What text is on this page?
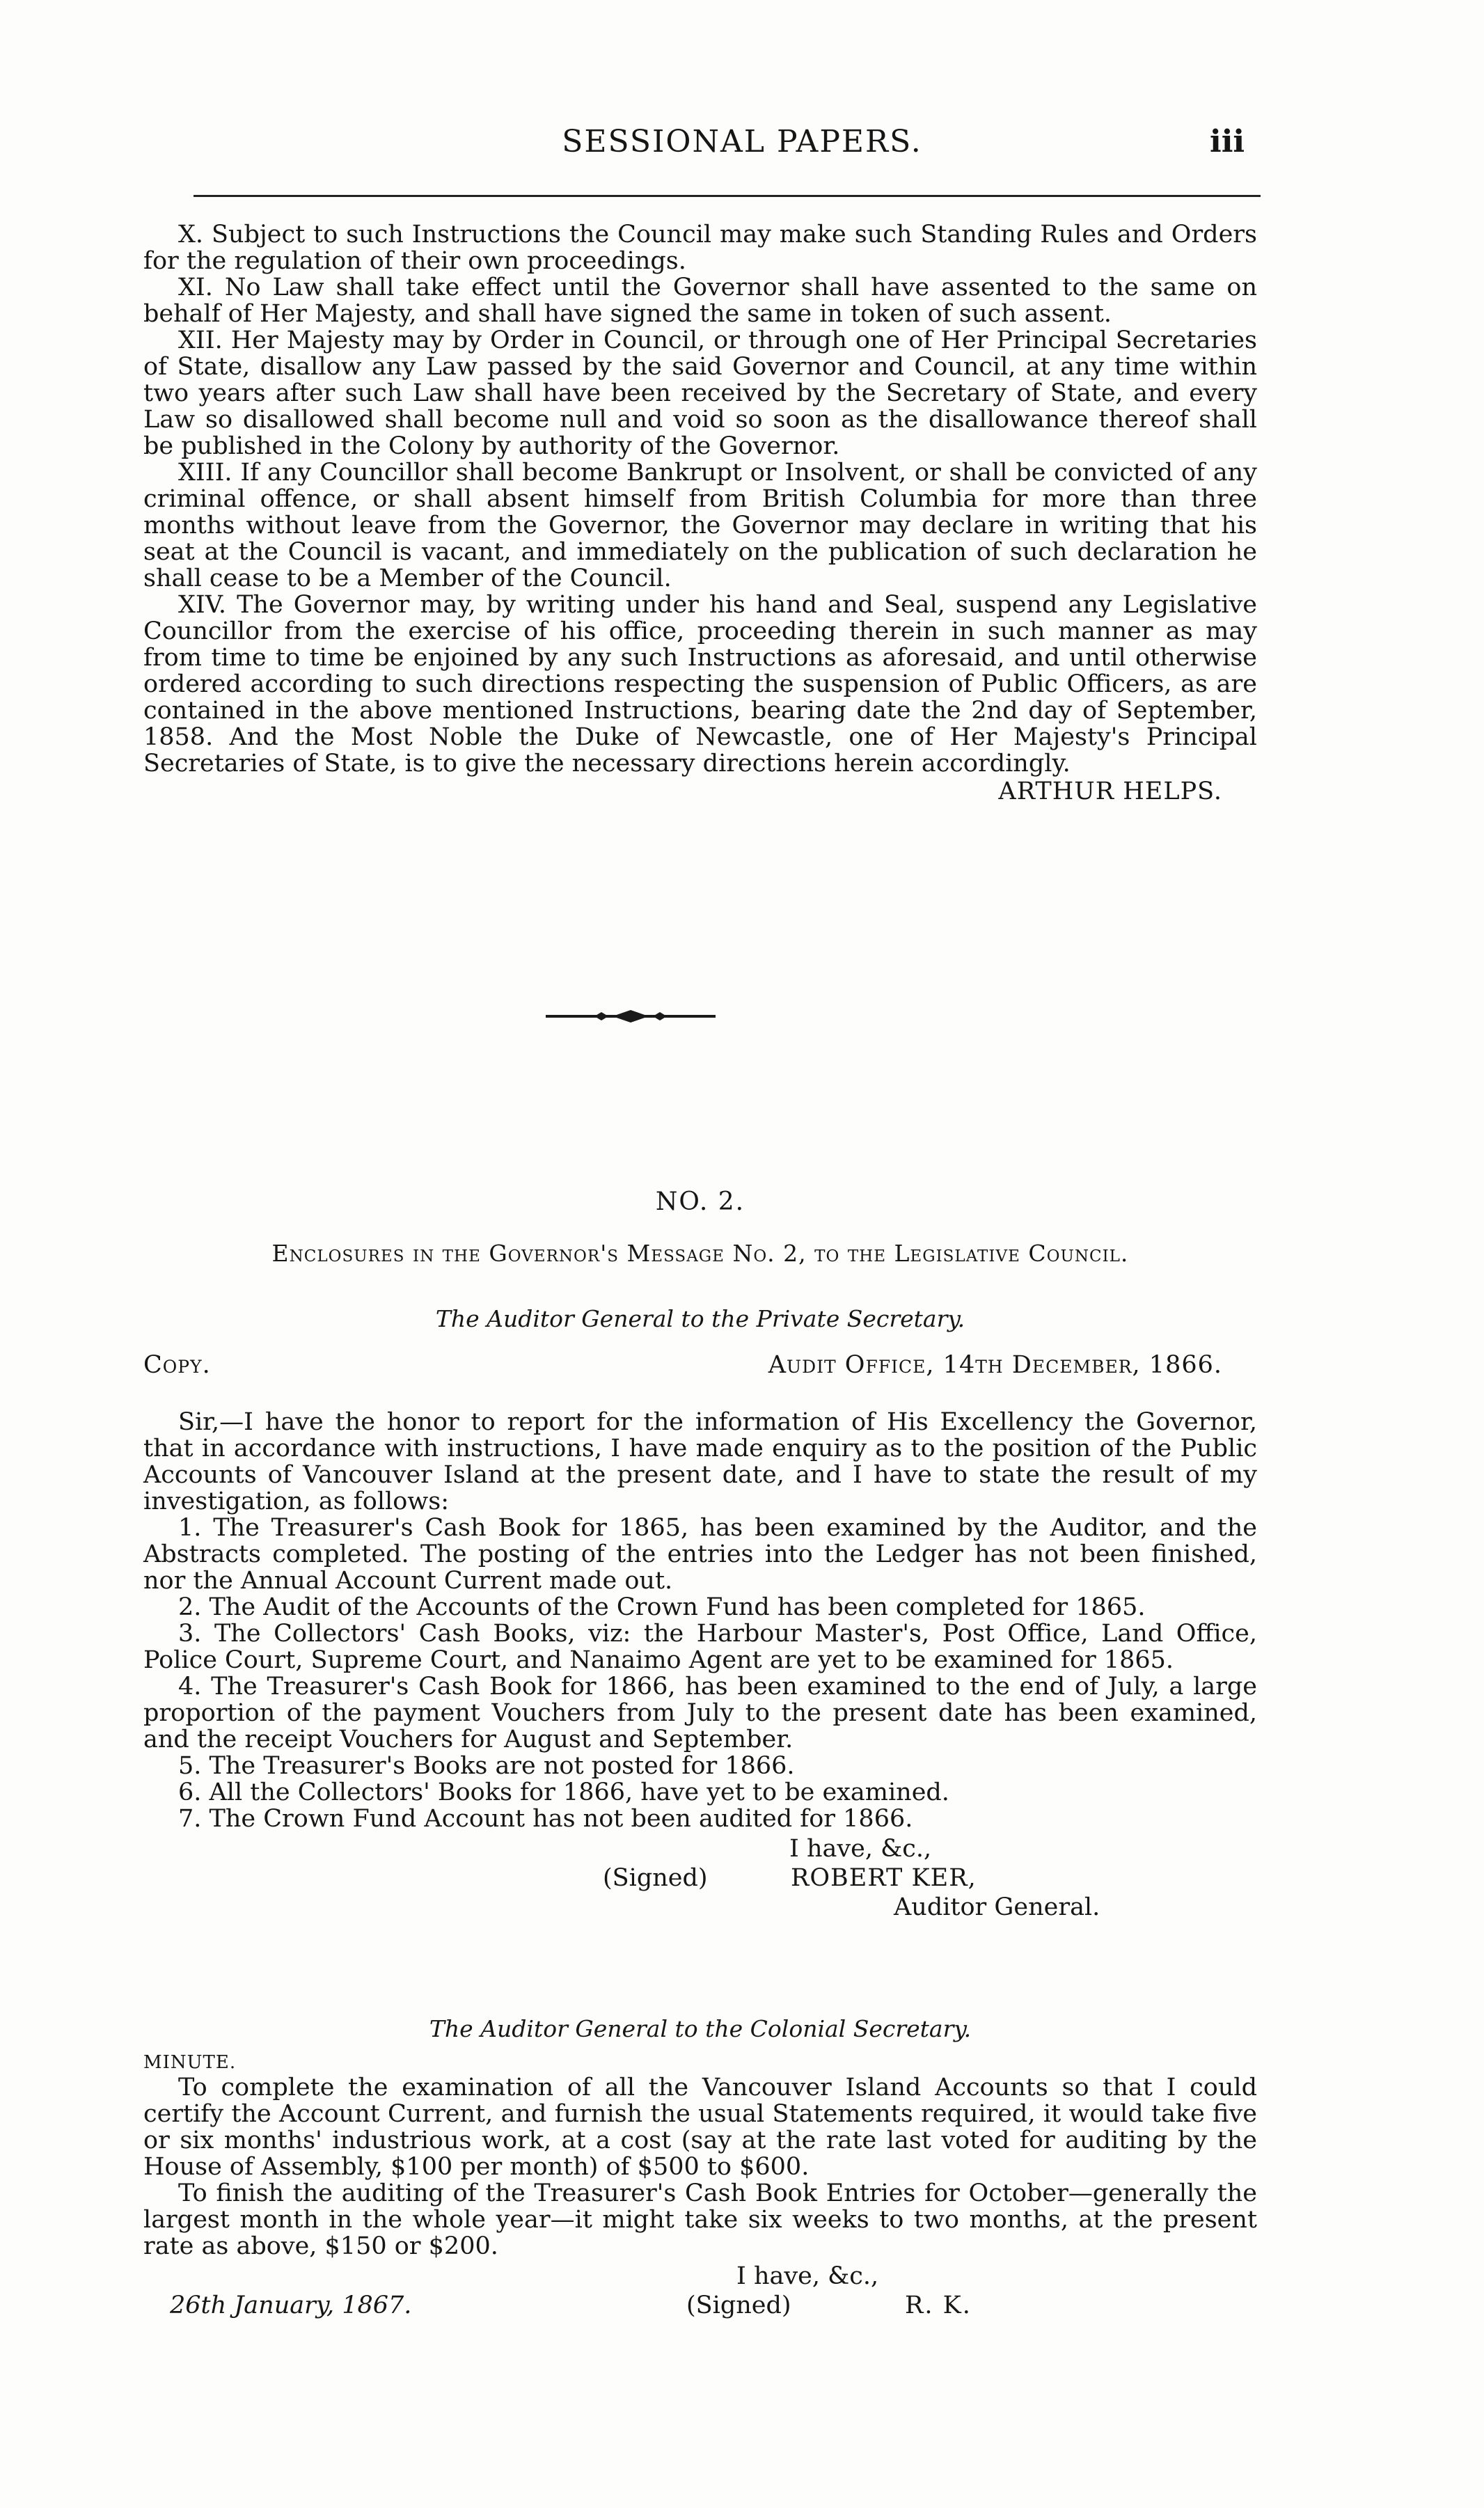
SESSIONAL PAPERS.	iii

X. Subject to such Instructions the Council may make such Standing Rules and Orders for the regulation of their own proceedings.

XI. No Law shall take effect until the Governor shall have assented to the same on behalf of Her Majesty, and shall have signed the same in token of such assent.

XII. Her Majesty may by Order in Council, or through one of Her Principal Secretaries of State, disallow any Law passed by the said Governor and Council, at any time within two years after such Law shall have been received by the Secretary of State, and every Law so disallowed shall become null and void so soon as the disallowance thereof shall be published in the Colony by authority of the Governor.

XIII. If any Councillor shall become Bankrupt or Insolvent, or shall be convicted of any criminal offence, or shall absent himself from British Columbia for more than three months without leave from the Governor, the Governor may declare in writing that his seat at the Council is vacant, and immediately on the publication of such declaration he shall cease to be a Member of the Council.

XIV. The Governor may, by writing under his hand and Seal, suspend any Legislative Councillor from the exercise of his office, proceeding therein in such manner as may from time to time be enjoined by any such Instructions as aforesaid, and until otherwise ordered according to such directions respecting the suspension of Public Officers, as are contained in the above mentioned Instructions, bearing date the 2nd day of September, 1858. And the Most Noble the Duke of Newcastle, one of Her Majesty's Principal Secretaries of State, is to give the necessary directions herein accordingly.

ARTHUR HELPS.

NO. 2.
Enclosures in the Governor's Message No. 2, to the Legislative Council.
The Auditor General to the Private Secretary.
Copy.	Audit Office, 14th December, 1866.

Sir,—I have the honor to report for the information of His Excellency the Governor, that in accordance with instructions, I have made enquiry as to the position of the Public Accounts of Vancouver Island at the present date, and I have to state the result of my investigation, as follows:

1. The Treasurer's Cash Book for 1865, has been examined by the Auditor, and the Abstracts completed. The posting of the entries into the Ledger has not been finished, nor the Annual Account Current made out.

2. The Audit of the Accounts of the Crown Fund has been completed for 1865.

3. The Collectors' Cash Books, viz: the Harbour Master's, Post Office, Land Office, Police Court, Supreme Court, and Nanaimo Agent are yet to be examined for 1865.

4. The Treasurer's Cash Book for 1866, has been examined to the end of July, a large proportion of the payment Vouchers from July to the present date has been examined, and the receipt Vouchers for August and September.

5. The Treasurer's Books are not posted for 1866.

6. All the Collectors' Books for 1866, have yet to be examined.

7. The Crown Fund Account has not been audited for 1866.

I have, &c.,
(Signed)	ROBERT KER,
Auditor General.
The Auditor General to the Colonial Secretary.
MINUTE.

To complete the examination of all the Vancouver Island Accounts so that I could certify the Account Current, and furnish the usual Statements required, it would take five or six months' industrious work, at a cost (say at the rate last voted for auditing by the House of Assembly, $100 per month) of $500 to $600.

To finish the auditing of the Treasurer's Cash Book Entries for October—generally the largest month in the whole year—it might take six weeks to two months, at the present rate as above, $150 or $200.

I have, &c.,
26th January, 1867.	(Signed)	R. K.
